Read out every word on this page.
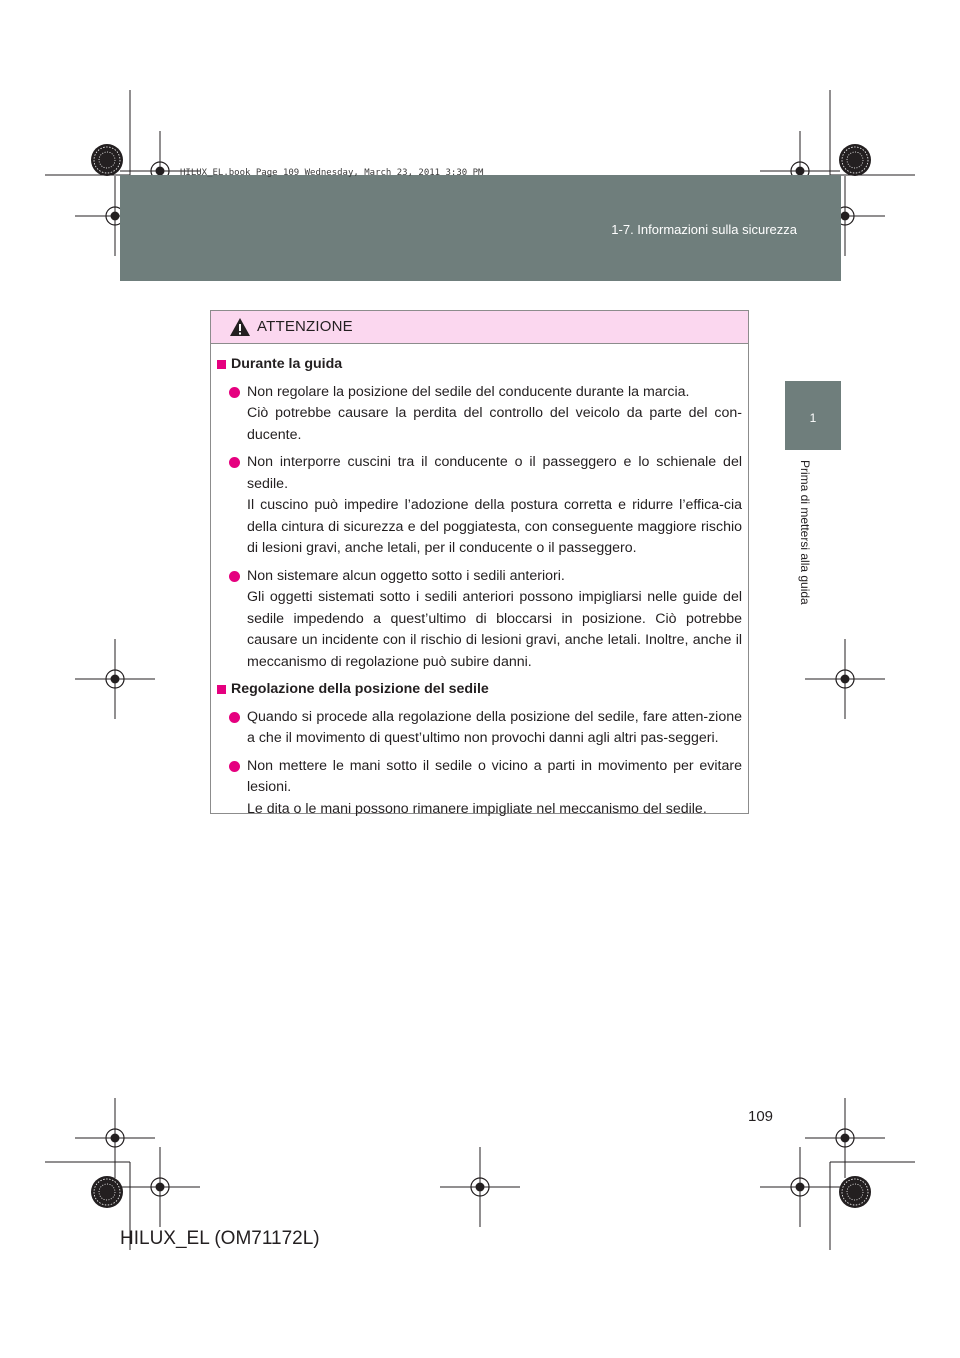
HILUX_EL.book Page 109 Wednesday, March 23, 2011 3:30 PM
1-7. Informazioni sulla sicurezza
1
Prima di mettersi alla guida
ATTENZIONE
Durante la guida

Non regolare la posizione del sedile del conducente durante la marcia.

Ciò potrebbe causare la perdita del controllo del veicolo da parte del con-ducente.

Non interporre cuscini tra il conducente o il passeggero e lo schienale del sedile.

Il cuscino può impedire l’adozione della postura corretta e ridurre l’effica-cia della cintura di sicurezza e del poggiatesta, con conseguente maggiore rischio di lesioni gravi, anche letali, per il conducente o il passeggero.

Non sistemare alcun oggetto sotto i sedili anteriori.

Gli oggetti sistemati sotto i sedili anteriori possono impigliarsi nelle guide del sedile impedendo a quest’ultimo di bloccarsi in posizione. Ciò potrebbe causare un incidente con il rischio di lesioni gravi, anche letali. Inoltre, anche il meccanismo di regolazione può subire danni.

Regolazione della posizione del sedile

Quando si procede alla regolazione della posizione del sedile, fare atten-zione a che il movimento di quest’ultimo non provochi danni agli altri pas-seggeri.

Non mettere le mani sotto il sedile o vicino a parti in movimento per evitare lesioni.

Le dita o le mani possono rimanere impigliate nel meccanismo del sedile.

109
HILUX_EL (OM71172L)
